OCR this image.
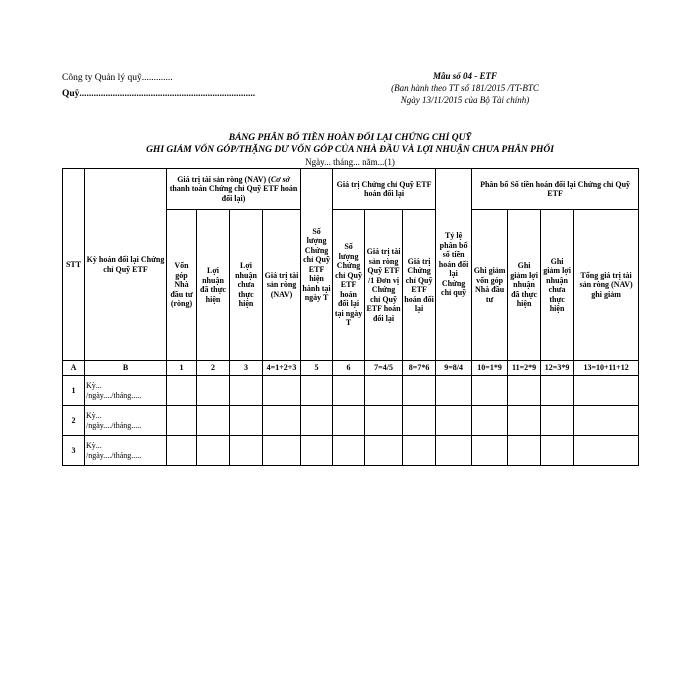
Công ty Quản lý quỹ.............
Quỹ..........................................................................
Mẫu số 04 - ETF
(Ban hành theo TT số 181/2015 /TT-BTC
Ngày 13/11/2015 của Bộ Tài chính)
BẢNG PHÂN BỔ TIỀN HOÀN ĐỔI LẠI CHỨNG CHỈ QUỸ
GHI GIẢM VỐN GÓP/THẶNG DƯ VỐN GÓP CỦA NHÀ ĐẦU VÀ LỢI NHUẬN CHƯA PHÂN PHỐI
Ngày... tháng... năm...(1)
STT	Kỳ hoán đổi lại Chứng chỉ Quỹ ETF	Giá trị tài sản ròng (NAV) (Cơ sở thanh toán Chứng chỉ Quỹ ETF hoán đổi lại)				Số lượng Chứng chỉ Quỹ ETF hiện hành tại ngày T	Giá trị Chứng chỉ Quỹ ETF hoán đổi lại			Tỷ lệ phân bổ số tiền hoán đổi lại Chứng chỉ quỹ	Phân bổ Số tiền hoán đổi lại Chứng chỉ Quỹ ETF			
		Vốn góp Nhà đầu tư (ròng)	Lợi nhuận đã thực hiện	Lợi nhuận chưa thực hiện	Giá trị tài sản ròng (NAV)		Số lượng Chứng chỉ Quỹ ETF hoán đổi lại tại ngày T	Giá trị tài sản ròng Quỹ ETF /1 Đơn vị Chứng chỉ Quỹ ETF hoán đổi lại	Giá trị Chứng chỉ Quỹ ETF hoán đổi lại		Ghi giảm vốn góp Nhà đầu tư	Ghi giảm lợi nhuận đã thực hiện	Ghi giảm lợi nhuận chưa thực hiện	Tổng giá trị tài sản ròng (NAV) ghi giảm
A	B	1	2	3	4=1+2+3	5	6	7=4/5	8=7*6	9=8/4	10=1*9	11=2*9	12=3*9	13=10+11+12
1	Kỳ...
/ngày..../tháng.....													

2	Kỳ...
/ngày..../tháng.....													

3	Kỳ...
/ngày..../tháng.....													
